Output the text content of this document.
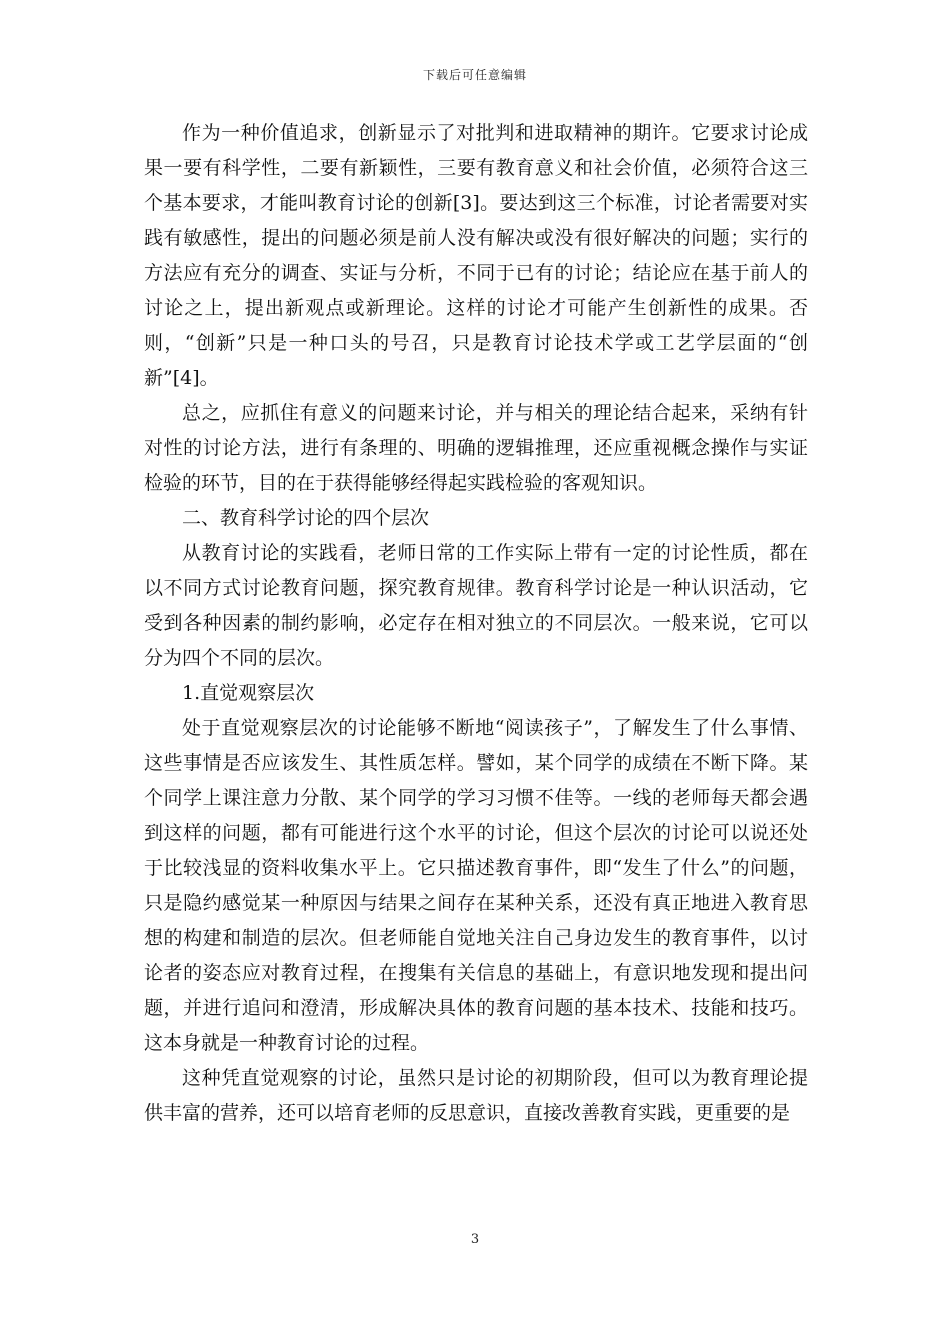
下载后可任意编辑

作为一种价值追求，创新显示了对批判和进取精神的期许。它要求讨论成果一要有科学性，二要有新颖性，三要有教育意义和社会价值，必须符合这三个基本要求，才能叫教育讨论的创新[3]。要达到这三个标准，讨论者需要对实践有敏感性，提出的问题必须是前人没有解决或没有很好解决的问题；实行的方法应有充分的调查、实证与分析，不同于已有的讨论；结论应在基于前人的讨论之上，提出新观点或新理论。这样的讨论才可能产生创新性的成果。否则，“创新”只是一种口头的号召，只是教育讨论技术学或工艺学层面的“创新”[4]。

总之，应抓住有意义的问题来讨论，并与相关的理论结合起来，采纳有针对性的讨论方法，进行有条理的、明确的逻辑推理，还应重视概念操作与实证检验的环节，目的在于获得能够经得起实践检验的客观知识。

二、教育科学讨论的四个层次

从教育讨论的实践看，老师日常的工作实际上带有一定的讨论性质，都在以不同方式讨论教育问题，探究教育规律。教育科学讨论是一种认识活动，它受到各种因素的制约影响，必定存在相对独立的不同层次。一般来说，它可以分为四个不同的层次。

1.直觉观察层次

处于直觉观察层次的讨论能够不断地“阅读孩子”，了解发生了什么事情、这些事情是否应该发生、其性质怎样。譬如，某个同学的成绩在不断下降。某个同学上课注意力分散、某个同学的学习习惯不佳等。一线的老师每天都会遇到这样的问题，都有可能进行这个水平的讨论，但这个层次的讨论可以说还处于比较浅显的资料收集水平上。它只描述教育事件，即“发生了什么”的问题，只是隐约感觉某一种原因与结果之间存在某种关系，还没有真正地进入教育思想的构建和制造的层次。但老师能自觉地关注自己身边发生的教育事件，以讨论者的姿态应对教育过程，在搜集有关信息的基础上，有意识地发现和提出问题，并进行追问和澄清，形成解决具体的教育问题的基本技术、技能和技巧。这本身就是一种教育讨论的过程。

这种凭直觉观察的讨论，虽然只是讨论的初期阶段，但可以为教育理论提供丰富的营养，还可以培育老师的反思意识，直接改善教育实践，更重要的是

3
